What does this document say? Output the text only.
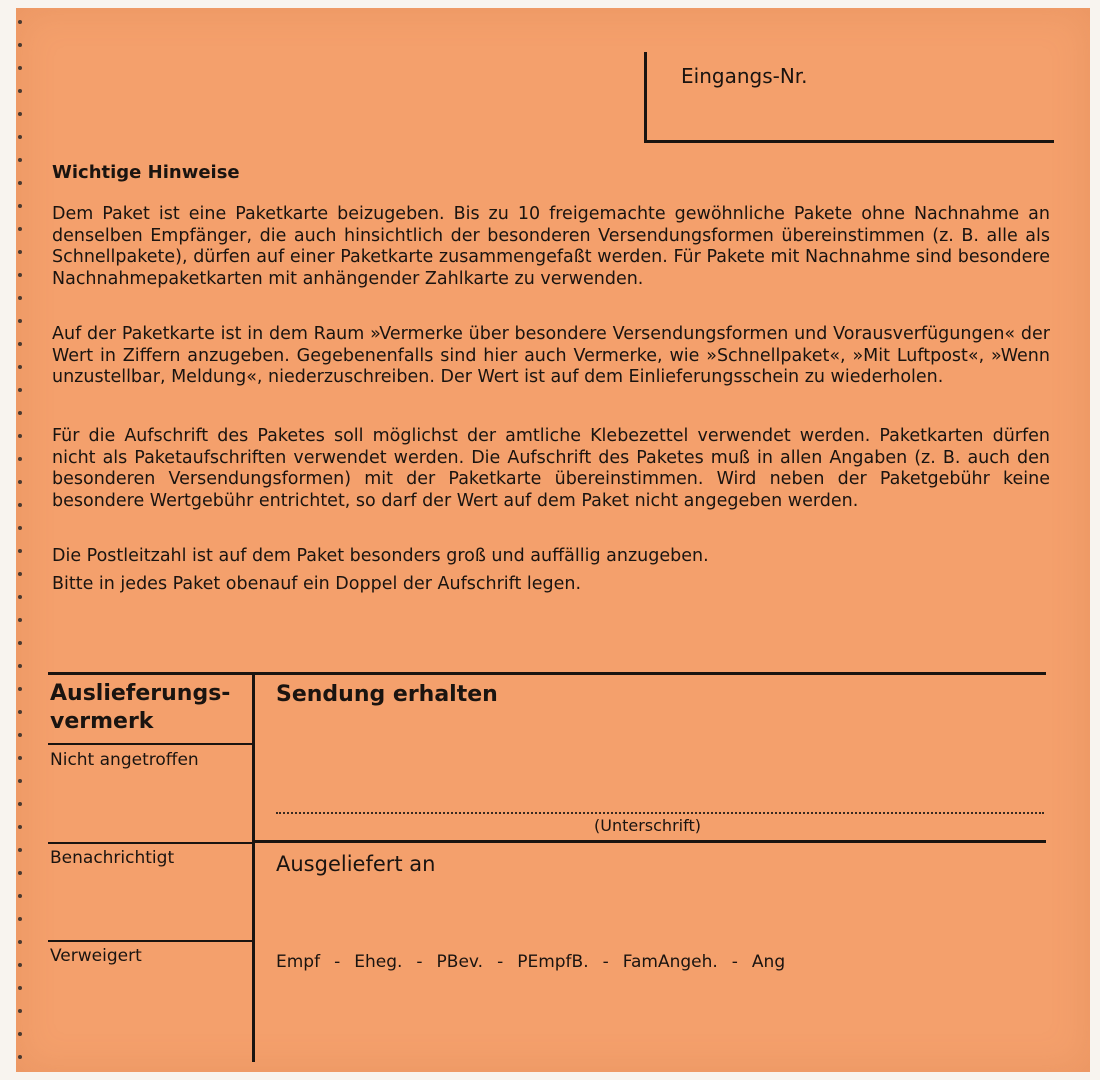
Eingangs-Nr.
Wichtige Hinweise
Dem Paket ist eine Paketkarte beizugeben. Bis zu 10 freigemachte gewöhnliche Pakete ohne Nachnahme an denselben Empfänger, die auch hinsichtlich der besonderen Versendungsformen übereinstimmen (z. B. alle als Schnellpakete), dürfen auf einer Paketkarte zusammengefaßt werden. Für Pakete mit Nachnahme sind besondere Nachnahmepaketkarten mit anhängender Zahlkarte zu verwenden.
Auf der Paketkarte ist in dem Raum »Vermerke über besondere Versendungsformen und Vorausverfügungen« der Wert in Ziffern anzugeben. Gegebenenfalls sind hier auch Vermerke, wie »Schnellpaket«, »Mit Luftpost«, »Wenn unzustellbar, Meldung«, niederzuschreiben. Der Wert ist auf dem Einlieferungsschein zu wiederholen.
Für die Aufschrift des Paketes soll möglichst der amtliche Klebezettel verwendet werden. Paketkarten dürfen nicht als Paketaufschriften verwendet werden. Die Aufschrift des Paketes muß in allen Angaben (z. B. auch den besonderen Versendungsformen) mit der Paketkarte übereinstimmen. Wird neben der Paketgebühr keine besondere Wertgebühr entrichtet, so darf der Wert auf dem Paket nicht angegeben werden.
Die Postleitzahl ist auf dem Paket besonders groß und auffällig anzugeben.
Bitte in jedes Paket obenauf ein Doppel der Aufschrift legen.
Auslieferungs-vermerk
Nicht angetroffen
Benachrichtigt
Verweigert
Sendung erhalten
(Unterschrift)
Ausgeliefert an
Empf - Eheg. - PBev. - PEmpfB. - FamAngeh. - Ang
